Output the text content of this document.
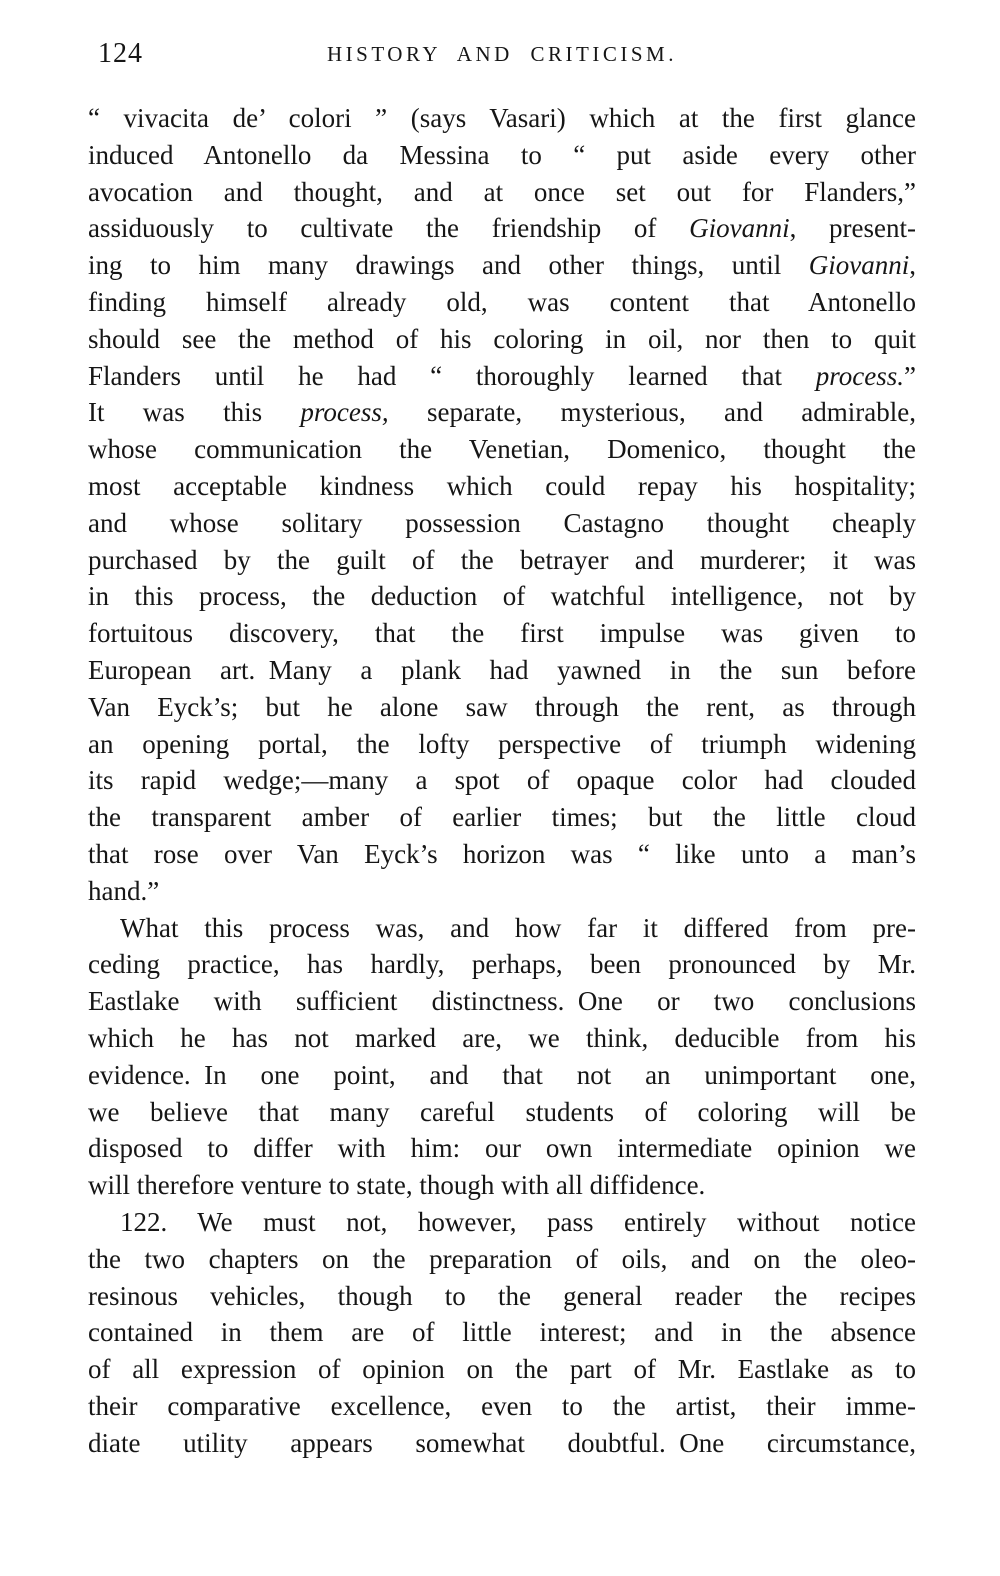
124	HISTORY AND CRITICISM.
“ vivacita de’ colori ” (says Vasari) which at the first glance
induced Antonello da Messina to “ put aside every other
avocation and thought, and at once set out for Flanders,”
assiduously to cultivate the friendship of Giovanni, present-
ing to him many drawings and other things, until Giovanni,
finding himself already old, was content that Antonello
should see the method of his coloring in oil, nor then to quit
Flanders until he had “ thoroughly learned that process.”
It was this process, separate, mysterious, and admirable,
whose communication the Venetian, Domenico, thought the
most acceptable kindness which could repay his hospitality;
and whose solitary possession Castagno thought cheaply
purchased by the guilt of the betrayer and murderer; it was
in this process, the deduction of watchful intelligence, not by
fortuitous discovery, that the first impulse was given to
European art. Many a plank had yawned in the sun before
Van Eyck’s; but he alone saw through the rent, as through
an opening portal, the lofty perspective of triumph widening
its rapid wedge;—many a spot of opaque color had clouded
the transparent amber of earlier times; but the little cloud
that rose over Van Eyck’s horizon was “ like unto a man’s
hand.”
What this process was, and how far it differed from pre-
ceding practice, has hardly, perhaps, been pronounced by Mr.
Eastlake with sufficient distinctness. One or two conclusions
which he has not marked are, we think, deducible from his
evidence. In one point, and that not an unimportant one,
we believe that many careful students of coloring will be
disposed to differ with him: our own intermediate opinion we
will therefore venture to state, though with all diffidence.
122. We must not, however, pass entirely without notice
the two chapters on the preparation of oils, and on the oleo-
resinous vehicles, though to the general reader the recipes
contained in them are of little interest; and in the absence
of all expression of opinion on the part of Mr. Eastlake as to
their comparative excellence, even to the artist, their imme-
diate utility appears somewhat doubtful. One circumstance,
